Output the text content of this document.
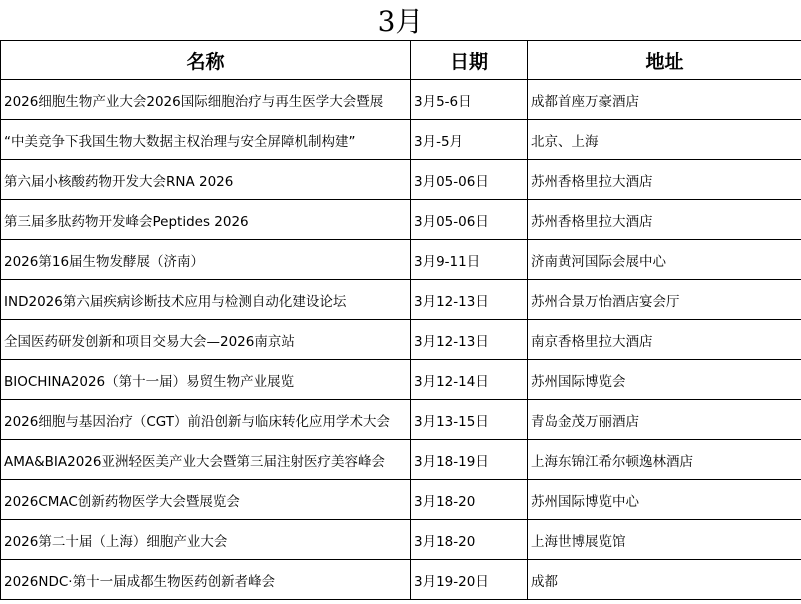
3月
名称	日期	地址
2026细胞生物产业大会2026国际细胞治疗与再生医学大会暨展	3月5-6日	成都首座万豪酒店
“中美竞争下我国生物大数据主权治理与安全屏障机制构建”	3月-5月	北京、上海
第六届小核酸药物开发大会RNA 2026	3月05-06日	苏州香格里拉大酒店
第三届多肽药物开发峰会Peptides 2026	3月05-06日	苏州香格里拉大酒店
2026第16届生物发酵展（济南）	3月9-11日	济南黄河国际会展中心
IND2026第六届疾病诊断技术应用与检测自动化建设论坛	3月12-13日	苏州合景万怡酒店宴会厅
全国医药研发创新和项目交易大会—2026南京站	3月12-13日	南京香格里拉大酒店
BIOCHINA2026（第十一届）易贸生物产业展览	3月12-14日	苏州国际博览会
2026细胞与基因治疗（CGT）前沿创新与临床转化应用学术大会	3月13-15日	青岛金茂万丽酒店
AMA&BIA2026亚洲轻医美产业大会暨第三届注射医疗美容峰会	3月18-19日	上海东锦江希尔顿逸林酒店
2026CMAC创新药物医学大会暨展览会	3月18-20	苏州国际博览中心
2026第二十届（上海）细胞产业大会	3月18-20	上海世博展览馆
2026NDC·第十一届成都生物医药创新者峰会	3月19-20日	成都
